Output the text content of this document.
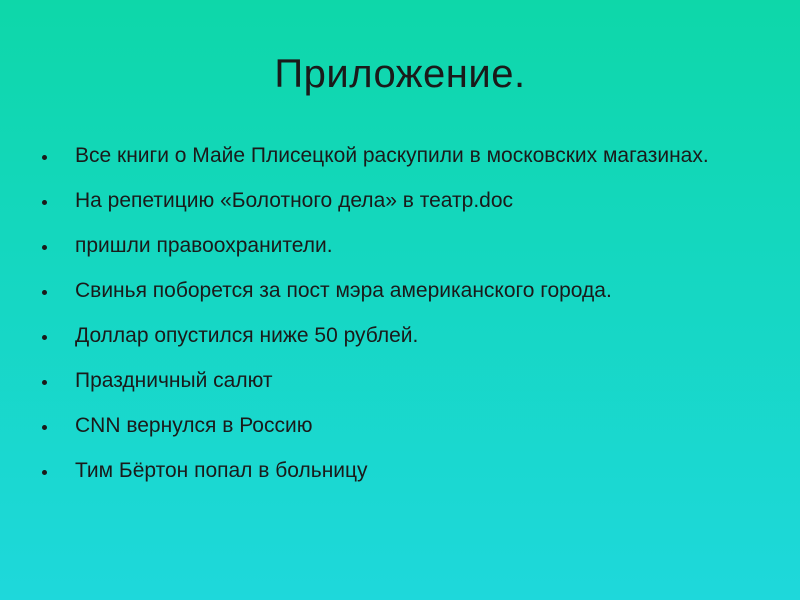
Приложение.
Все книги о Майе Плисецкой раскупили в московских магазинах.
На репетицию «Болотного дела» в театр.doc
пришли правоохранители.
Свинья поборется за пост мэра американского города.
Доллар опустился ниже 50 рублей.
Праздничный салют
CNN вернулся в Россию
Тим Бёртон попал в больницу
